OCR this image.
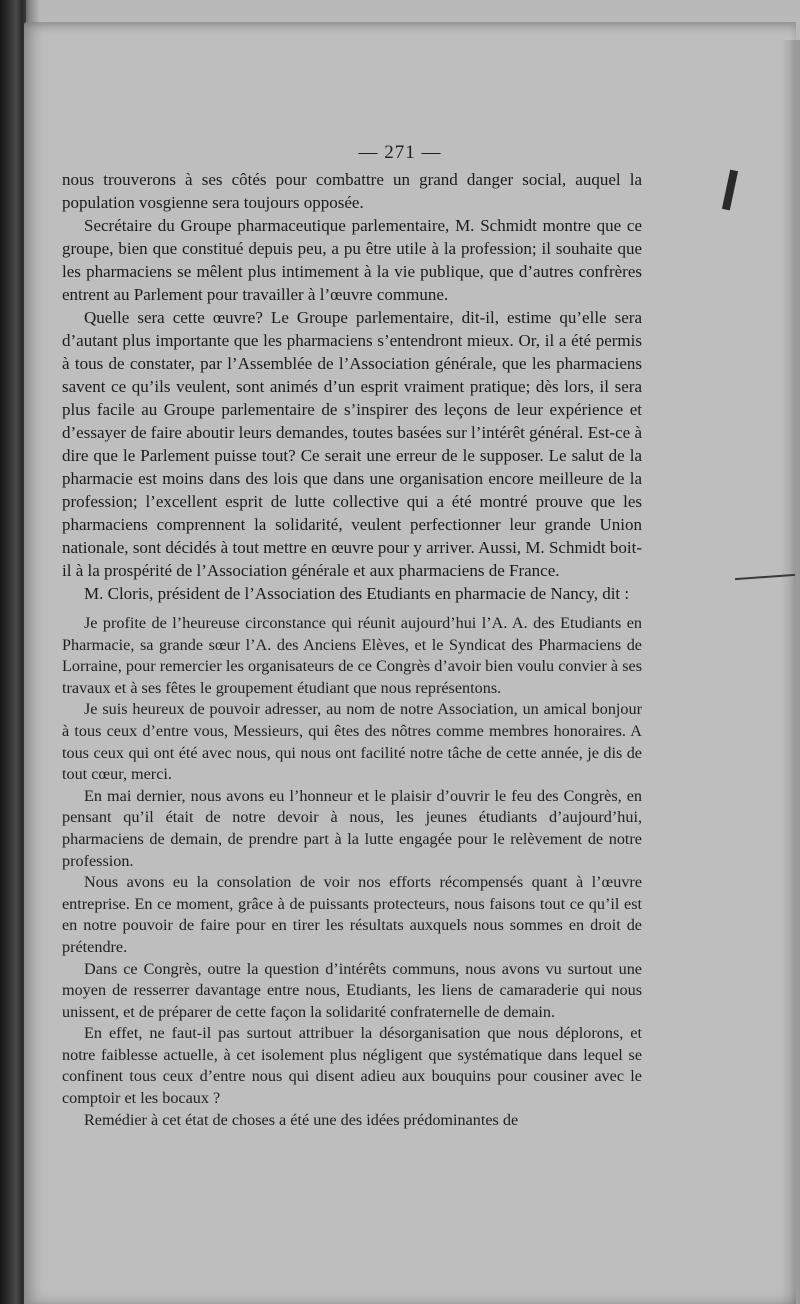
— 271 —

nous trouverons à ses côtés pour combattre un grand danger social, auquel la population vosgienne sera toujours opposée.

Secrétaire du Groupe pharmaceutique parlementaire, M. Schmidt montre que ce groupe, bien que constitué depuis peu, a pu être utile à la profession; il souhaite que les pharmaciens se mêlent plus intimement à la vie publique, que d’autres confrères entrent au Parlement pour travailler à l’œuvre commune.

Quelle sera cette œuvre? Le Groupe parlementaire, dit-il, estime qu’elle sera d’autant plus importante que les pharmaciens s’entendront mieux. Or, il a été permis à tous de constater, par l’Assemblée de l’Association générale, que les pharmaciens savent ce qu’ils veulent, sont animés d’un esprit vraiment pratique; dès lors, il sera plus facile au Groupe parlementaire de s’inspirer des leçons de leur expérience et d’essayer de faire aboutir leurs demandes, toutes basées sur l’intérêt général. Est-ce à dire que le Parlement puisse tout? Ce serait une erreur de le supposer. Le salut de la pharmacie est moins dans des lois que dans une organisation encore meilleure de la profession; l’excellent esprit de lutte collective qui a été montré prouve que les pharmaciens comprennent la solidarité, veulent perfectionner leur grande Union nationale, sont décidés à tout mettre en œuvre pour y arriver. Aussi, M. Schmidt boit-il à la prospérité de l’Association générale et aux pharmaciens de France.

M. Cloris, président de l’Association des Etudiants en pharmacie de Nancy, dit :

Je profite de l’heureuse circonstance qui réunit aujourd’hui l’A. A. des Etudiants en Pharmacie, sa grande sœur l’A. des Anciens Elèves, et le Syndicat des Pharmaciens de Lorraine, pour remercier les organisateurs de ce Congrès d’avoir bien voulu convier à ses travaux et à ses fêtes le groupement étudiant que nous représentons.

Je suis heureux de pouvoir adresser, au nom de notre Association, un amical bonjour à tous ceux d’entre vous, Messieurs, qui êtes des nôtres comme membres honoraires. A tous ceux qui ont été avec nous, qui nous ont facilité notre tâche de cette année, je dis de tout cœur, merci.

En mai dernier, nous avons eu l’honneur et le plaisir d’ouvrir le feu des Congrès, en pensant qu’il était de notre devoir à nous, les jeunes étudiants d’aujourd’hui, pharmaciens de demain, de prendre part à la lutte engagée pour le relèvement de notre profession.

Nous avons eu la consolation de voir nos efforts récompensés quant à l’œuvre entreprise. En ce moment, grâce à de puissants protecteurs, nous faisons tout ce qu’il est en notre pouvoir de faire pour en tirer les résultats auxquels nous sommes en droit de prétendre.

Dans ce Congrès, outre la question d’intérêts communs, nous avons vu surtout une moyen de resserrer davantage entre nous, Etudiants, les liens de camaraderie qui nous unissent, et de préparer de cette façon la solidarité confraternelle de demain.

En effet, ne faut-il pas surtout attribuer la désorganisation que nous déplorons, et notre faiblesse actuelle, à cet isolement plus négligent que systématique dans lequel se confinent tous ceux d’entre nous qui disent adieu aux bouquins pour cousiner avec le comptoir et les bocaux ?

Remédier à cet état de choses a été une des idées prédominantes de
